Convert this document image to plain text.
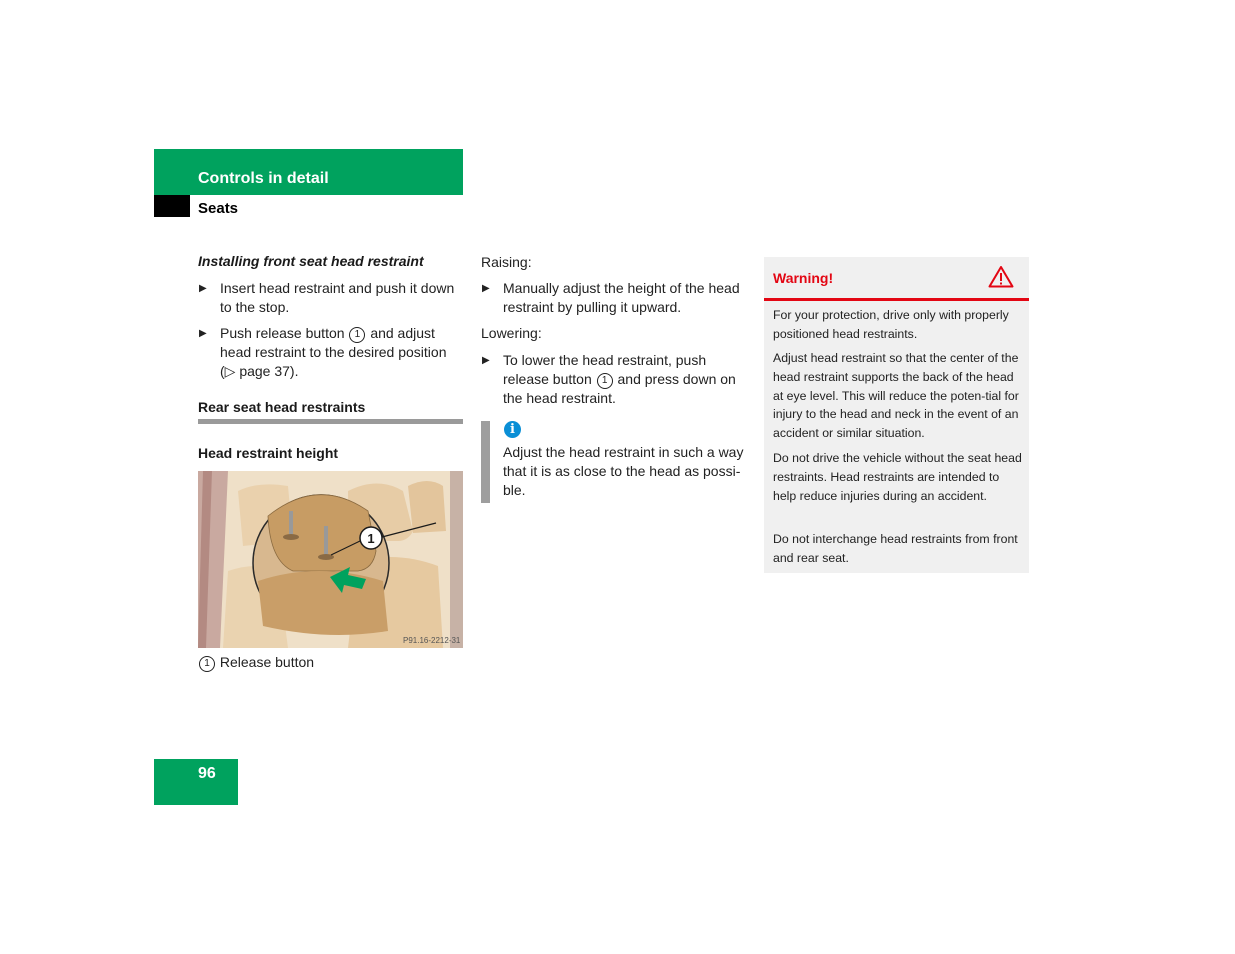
Controls in detail
Seats
Installing front seat head restraint
▶ Insert head restraint and push it down to the stop.
▶ Push release button 1 and adjust head restraint to the desired position (▷ page 37).
Rear seat head restraints
Head restraint height
1
P91.16-2212-31
1 Release button
Raising:
▶ Manually adjust the height of the head restraint by pulling it upward.
Lowering:
▶ To lower the head restraint, push release button 1 and press down on the head restraint.
i
Adjust the head restraint in such a way that it is as close to the head as possi-ble.
Warning!
For your protection, drive only with properly positioned head restraints.
Adjust head restraint so that the center of the head restraint supports the back of the head at eye level. This will reduce the poten-tial for injury to the head and neck in the event of an accident or similar situation.
Do not drive the vehicle without the seat head restraints. Head restraints are intended to help reduce injuries during an accident.
Do not interchange head restraints from front and rear seat.
96
